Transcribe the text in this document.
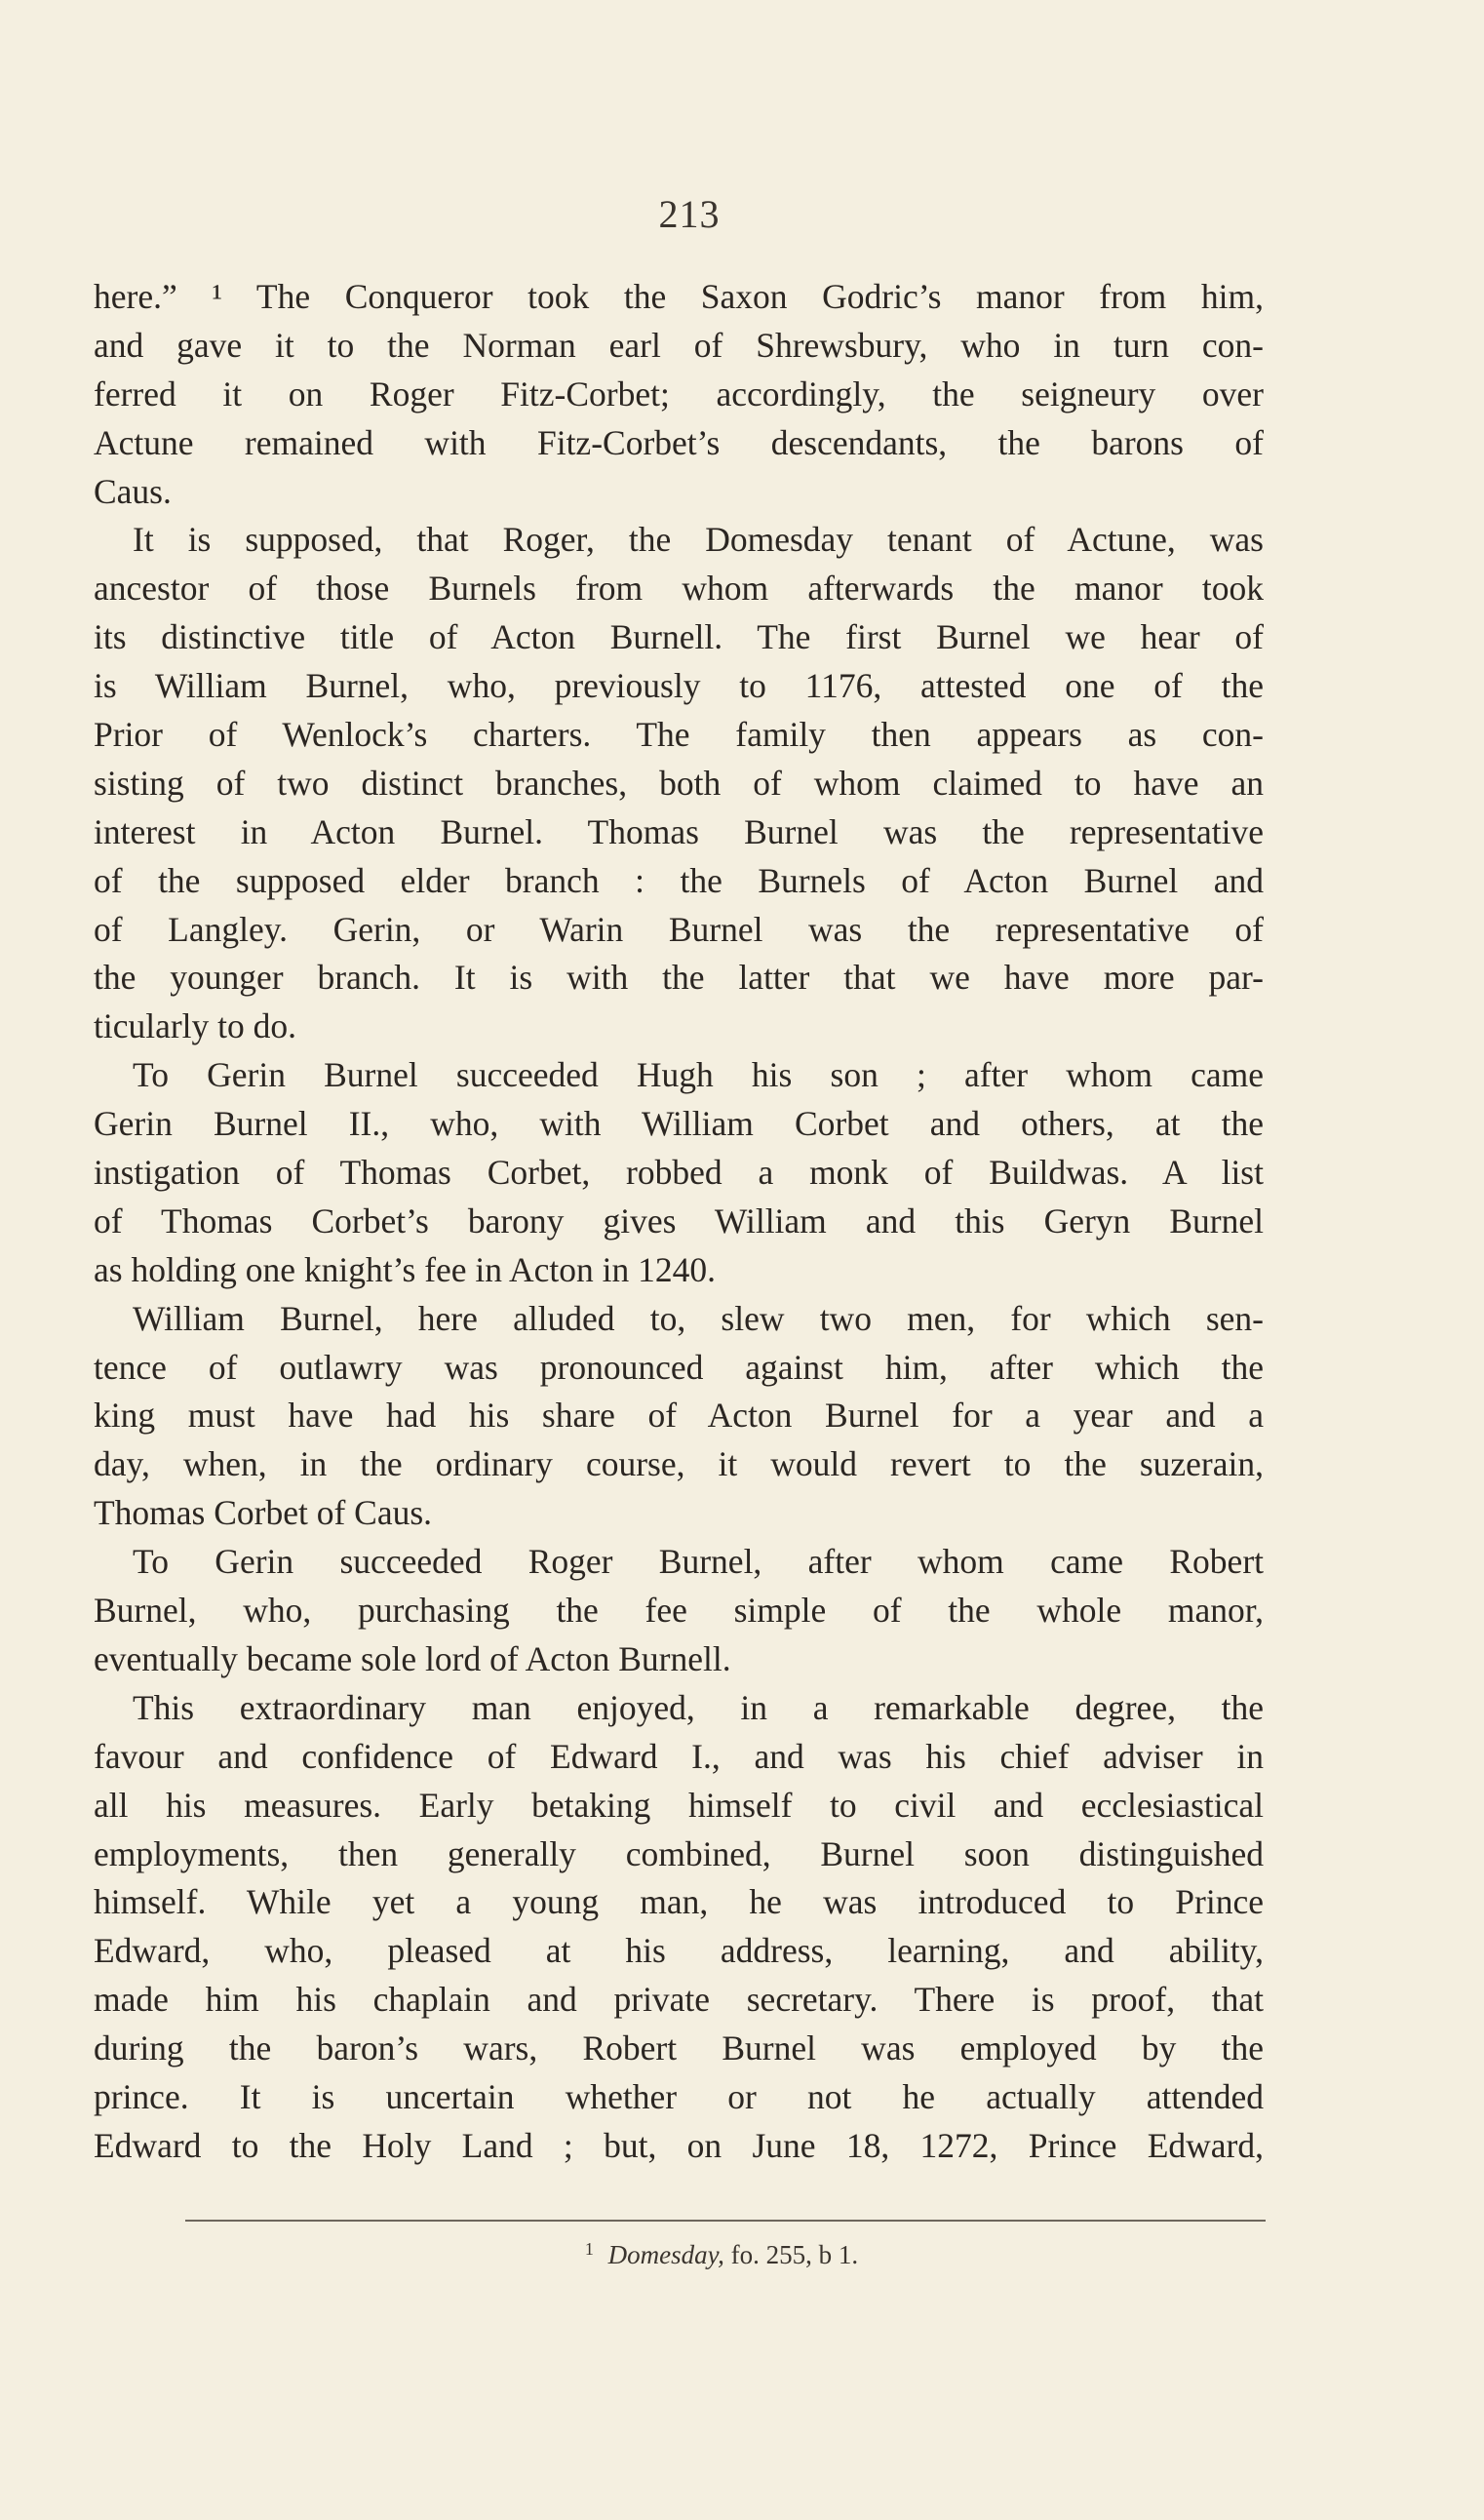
213
here.” ¹ The Conqueror took the Saxon Godric’s manor from him,
and gave it to the Norman earl of Shrewsbury, who in turn con-
ferred it on Roger Fitz-Corbet; accordingly, the seigneury over
Actune remained with Fitz-Corbet’s descendants, the barons of
Caus.
It is supposed, that Roger, the Domesday tenant of Actune, was
ancestor of those Burnels from whom afterwards the manor took
its distinctive title of Acton Burnell. The first Burnel we hear of
is William Burnel, who, previously to 1176, attested one of the
Prior of Wenlock’s charters. The family then appears as con-
sisting of two distinct branches, both of whom claimed to have an
interest in Acton Burnel. Thomas Burnel was the representative
of the supposed elder branch : the Burnels of Acton Burnel and
of Langley. Gerin, or Warin Burnel was the representative of
the younger branch. It is with the latter that we have more par-
ticularly to do.
To Gerin Burnel succeeded Hugh his son ; after whom came
Gerin Burnel II., who, with William Corbet and others, at the
instigation of Thomas Corbet, robbed a monk of Buildwas. A list
of Thomas Corbet’s barony gives William and this Geryn Burnel
as holding one knight’s fee in Acton in 1240.
William Burnel, here alluded to, slew two men, for which sen-
tence of outlawry was pronounced against him, after which the
king must have had his share of Acton Burnel for a year and a
day, when, in the ordinary course, it would revert to the suzerain,
Thomas Corbet of Caus.
To Gerin succeeded Roger Burnel, after whom came Robert
Burnel, who, purchasing the fee simple of the whole manor,
eventually became sole lord of Acton Burnell.
This extraordinary man enjoyed, in a remarkable degree, the
favour and confidence of Edward I., and was his chief adviser in
all his measures. Early betaking himself to civil and ecclesiastical
employments, then generally combined, Burnel soon distinguished
himself. While yet a young man, he was introduced to Prince
Edward, who, pleased at his address, learning, and ability,
made him his chaplain and private secretary. There is proof, that
during the baron’s wars, Robert Burnel was employed by the
prince. It is uncertain whether or not he actually attended
Edward to the Holy Land ; but, on June 18, 1272, Prince Edward,
$^1$ Domesday, fo. 255, b 1.
